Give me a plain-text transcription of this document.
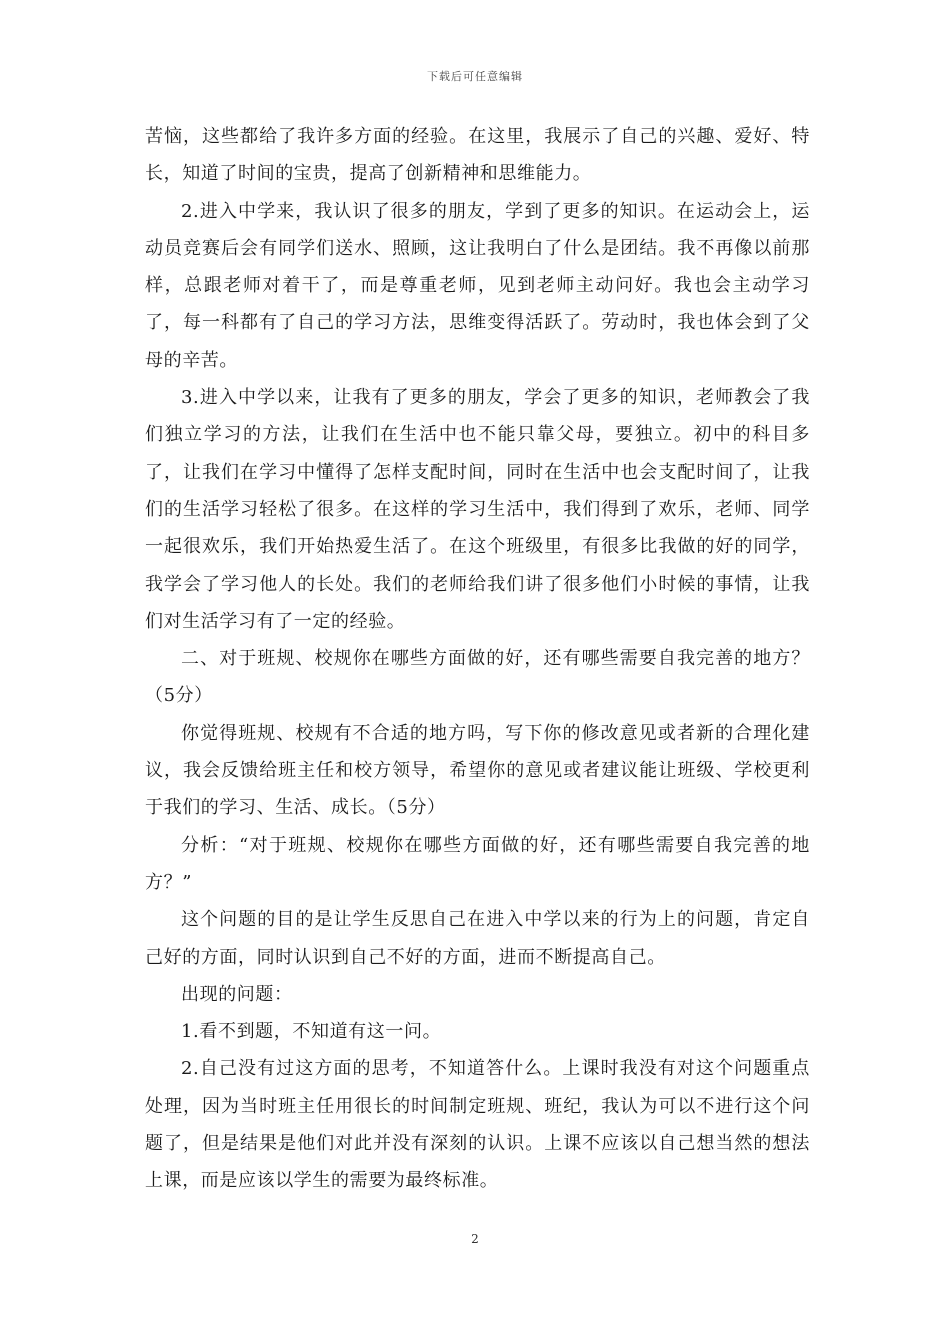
下载后可任意编辑

苦恼，这些都给了我许多方面的经验。在这里，我展示了自己的兴趣、爱好、特长，知道了时间的宝贵，提高了创新精神和思维能力。

2.进入中学来，我认识了很多的朋友，学到了更多的知识。在运动会上，运动员竞赛后会有同学们送水、照顾，这让我明白了什么是团结。我不再像以前那样，总跟老师对着干了，而是尊重老师，见到老师主动问好。我也会主动学习了，每一科都有了自己的学习方法，思维变得活跃了。劳动时，我也体会到了父母的辛苦。

3.进入中学以来，让我有了更多的朋友，学会了更多的知识，老师教会了我们独立学习的方法，让我们在生活中也不能只靠父母，要独立。初中的科目多了，让我们在学习中懂得了怎样支配时间，同时在生活中也会支配时间了，让我们的生活学习轻松了很多。在这样的学习生活中，我们得到了欢乐，老师、同学一起很欢乐，我们开始热爱生活了。在这个班级里，有很多比我做的好的同学，我学会了学习他人的长处。我们的老师给我们讲了很多他们小时候的事情，让我们对生活学习有了一定的经验。

二、对于班规、校规你在哪些方面做的好，还有哪些需要自我完善的地方？（5分）

你觉得班规、校规有不合适的地方吗，写下你的修改意见或者新的合理化建议，我会反馈给班主任和校方领导，希望你的意见或者建议能让班级、学校更利于我们的学习、生活、成长。（5分）

分析：“对于班规、校规你在哪些方面做的好，还有哪些需要自我完善的地方？”

这个问题的目的是让学生反思自己在进入中学以来的行为上的问题，肯定自己好的方面，同时认识到自己不好的方面，进而不断提高自己。

出现的问题：

1.看不到题，不知道有这一问。

2.自己没有过这方面的思考，不知道答什么。上课时我没有对这个问题重点处理，因为当时班主任用很长的时间制定班规、班纪，我认为可以不进行这个问题了，但是结果是他们对此并没有深刻的认识。上课不应该以自己想当然的想法上课，而是应该以学生的需要为最终标准。

2
